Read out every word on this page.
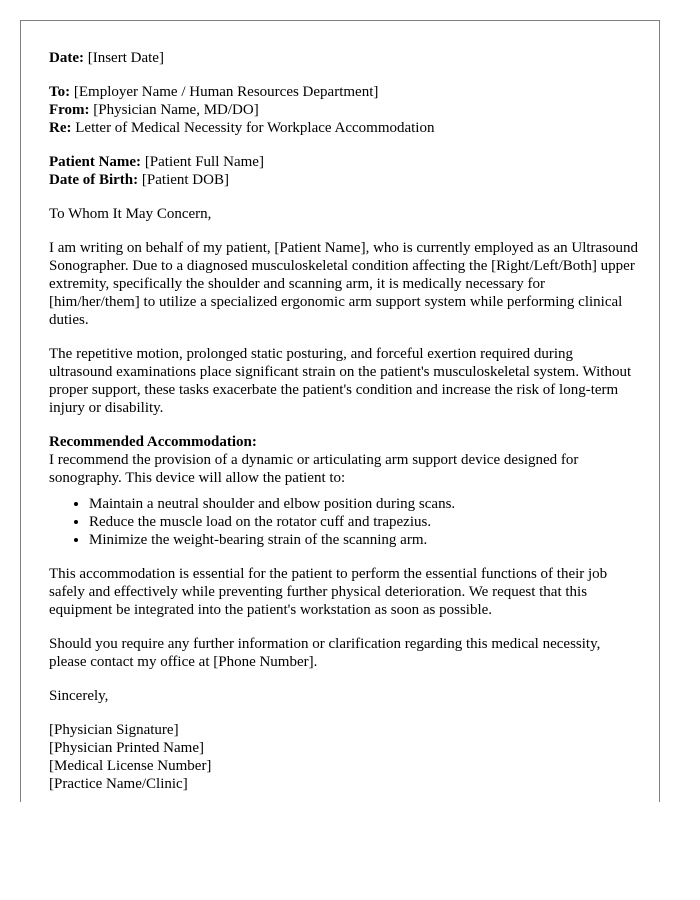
Date: [Insert Date]

To: [Employer Name / Human Resources Department]
From: [Physician Name, MD/DO]
Re: Letter of Medical Necessity for Workplace Accommodation

Patient Name: [Patient Full Name]
Date of Birth: [Patient DOB]

To Whom It May Concern,

I am writing on behalf of my patient, [Patient Name], who is currently employed as an Ultrasound Sonographer. Due to a diagnosed musculoskeletal condition affecting the [Right/Left/Both] upper extremity, specifically the shoulder and scanning arm, it is medically necessary for [him/her/them] to utilize a specialized ergonomic arm support system while performing clinical duties.

The repetitive motion, prolonged static posturing, and forceful exertion required during ultrasound examinations place significant strain on the patient's musculoskeletal system. Without proper support, these tasks exacerbate the patient's condition and increase the risk of long-term injury or disability.

Recommended Accommodation:
I recommend the provision of a dynamic or articulating arm support device designed for sonography. This device will allow the patient to:

• Maintain a neutral shoulder and elbow position during scans.
• Reduce the muscle load on the rotator cuff and trapezius.
• Minimize the weight-bearing strain of the scanning arm.

This accommodation is essential for the patient to perform the essential functions of their job safely and effectively while preventing further physical deterioration. We request that this equipment be integrated into the patient's workstation as soon as possible.

Should you require any further information or clarification regarding this medical necessity, please contact my office at [Phone Number].

Sincerely,

[Physician Signature]

[Physician Printed Name]

[Medical License Number]

[Practice Name/Clinic]
